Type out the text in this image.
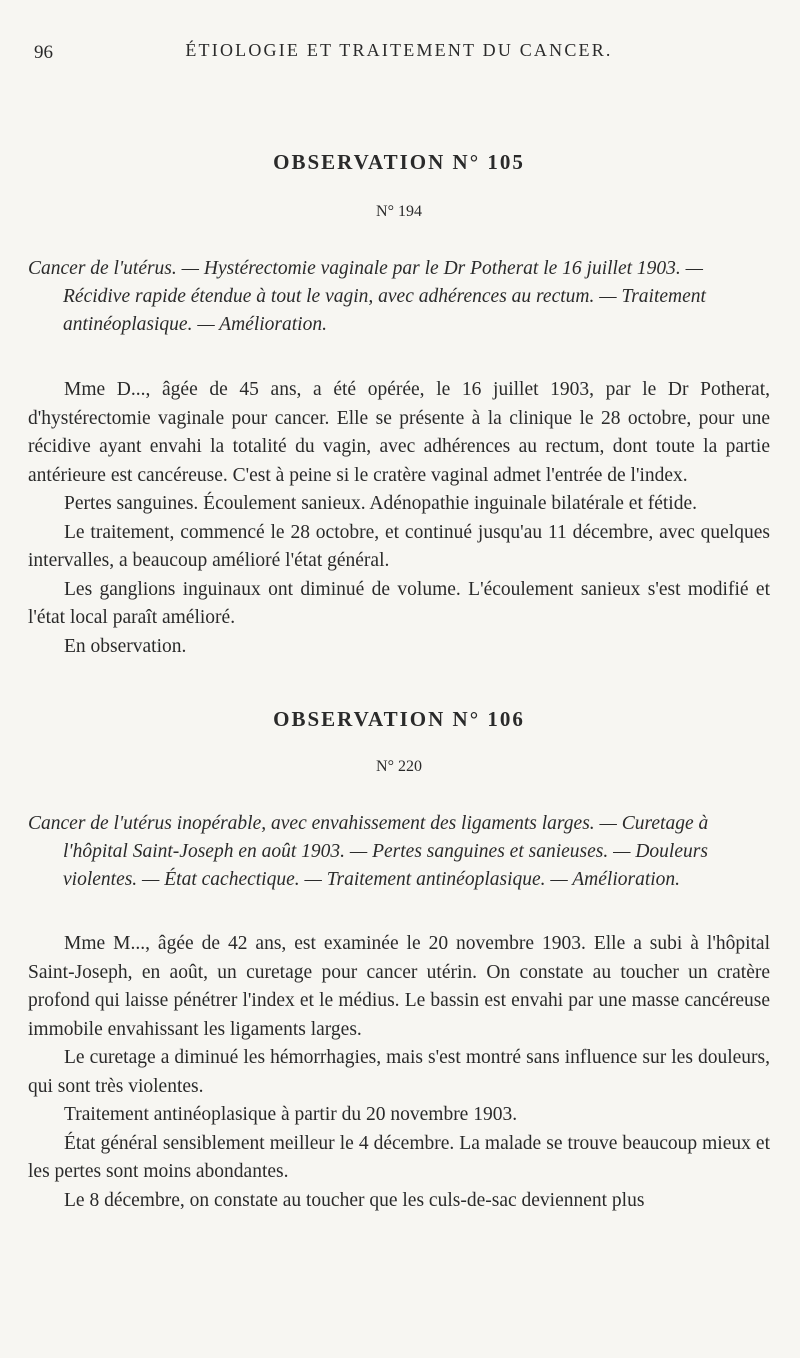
96	ÉTIOLOGIE ET TRAITEMENT DU CANCER.
OBSERVATION N° 105

N° 194

Cancer de l'utérus. — Hystérectomie vaginale par le Dr Potherat le 16 juillet 1903. — Récidive rapide étendue à tout le vagin, avec adhérences au rectum. — Traitement antinéoplasique. — Amélioration.

Mme D..., âgée de 45 ans, a été opérée, le 16 juillet 1903, par le Dr Potherat, d'hystérectomie vaginale pour cancer. Elle se présente à la clinique le 28 octobre, pour une récidive ayant envahi la totalité du vagin, avec adhérences au rectum, dont toute la partie antérieure est cancéreuse. C'est à peine si le cratère vaginal admet l'entrée de l'index.

Pertes sanguines. Écoulement sanieux. Adénopathie inguinale bilatérale et fétide.

Le traitement, commencé le 28 octobre, et continué jusqu'au 11 décembre, avec quelques intervalles, a beaucoup amélioré l'état général.

Les ganglions inguinaux ont diminué de volume. L'écoulement sanieux s'est modifié et l'état local paraît amélioré.

En observation.

OBSERVATION N° 106

N° 220

Cancer de l'utérus inopérable, avec envahissement des ligaments larges. — Curetage à l'hôpital Saint-Joseph en août 1903. — Pertes sanguines et sanieuses. — Douleurs violentes. — État cachectique. — Traitement antinéoplasique. — Amélioration.

Mme M..., âgée de 42 ans, est examinée le 20 novembre 1903. Elle a subi à l'hôpital Saint-Joseph, en août, un curetage pour cancer utérin. On constate au toucher un cratère profond qui laisse pénétrer l'index et le médius. Le bassin est envahi par une masse cancéreuse immobile envahissant les ligaments larges.

Le curetage a diminué les hémorrhagies, mais s'est montré sans influence sur les douleurs, qui sont très violentes.

Traitement antinéoplasique à partir du 20 novembre 1903.

État général sensiblement meilleur le 4 décembre. La malade se trouve beaucoup mieux et les pertes sont moins abondantes.

Le 8 décembre, on constate au toucher que les culs-de-sac deviennent plus
